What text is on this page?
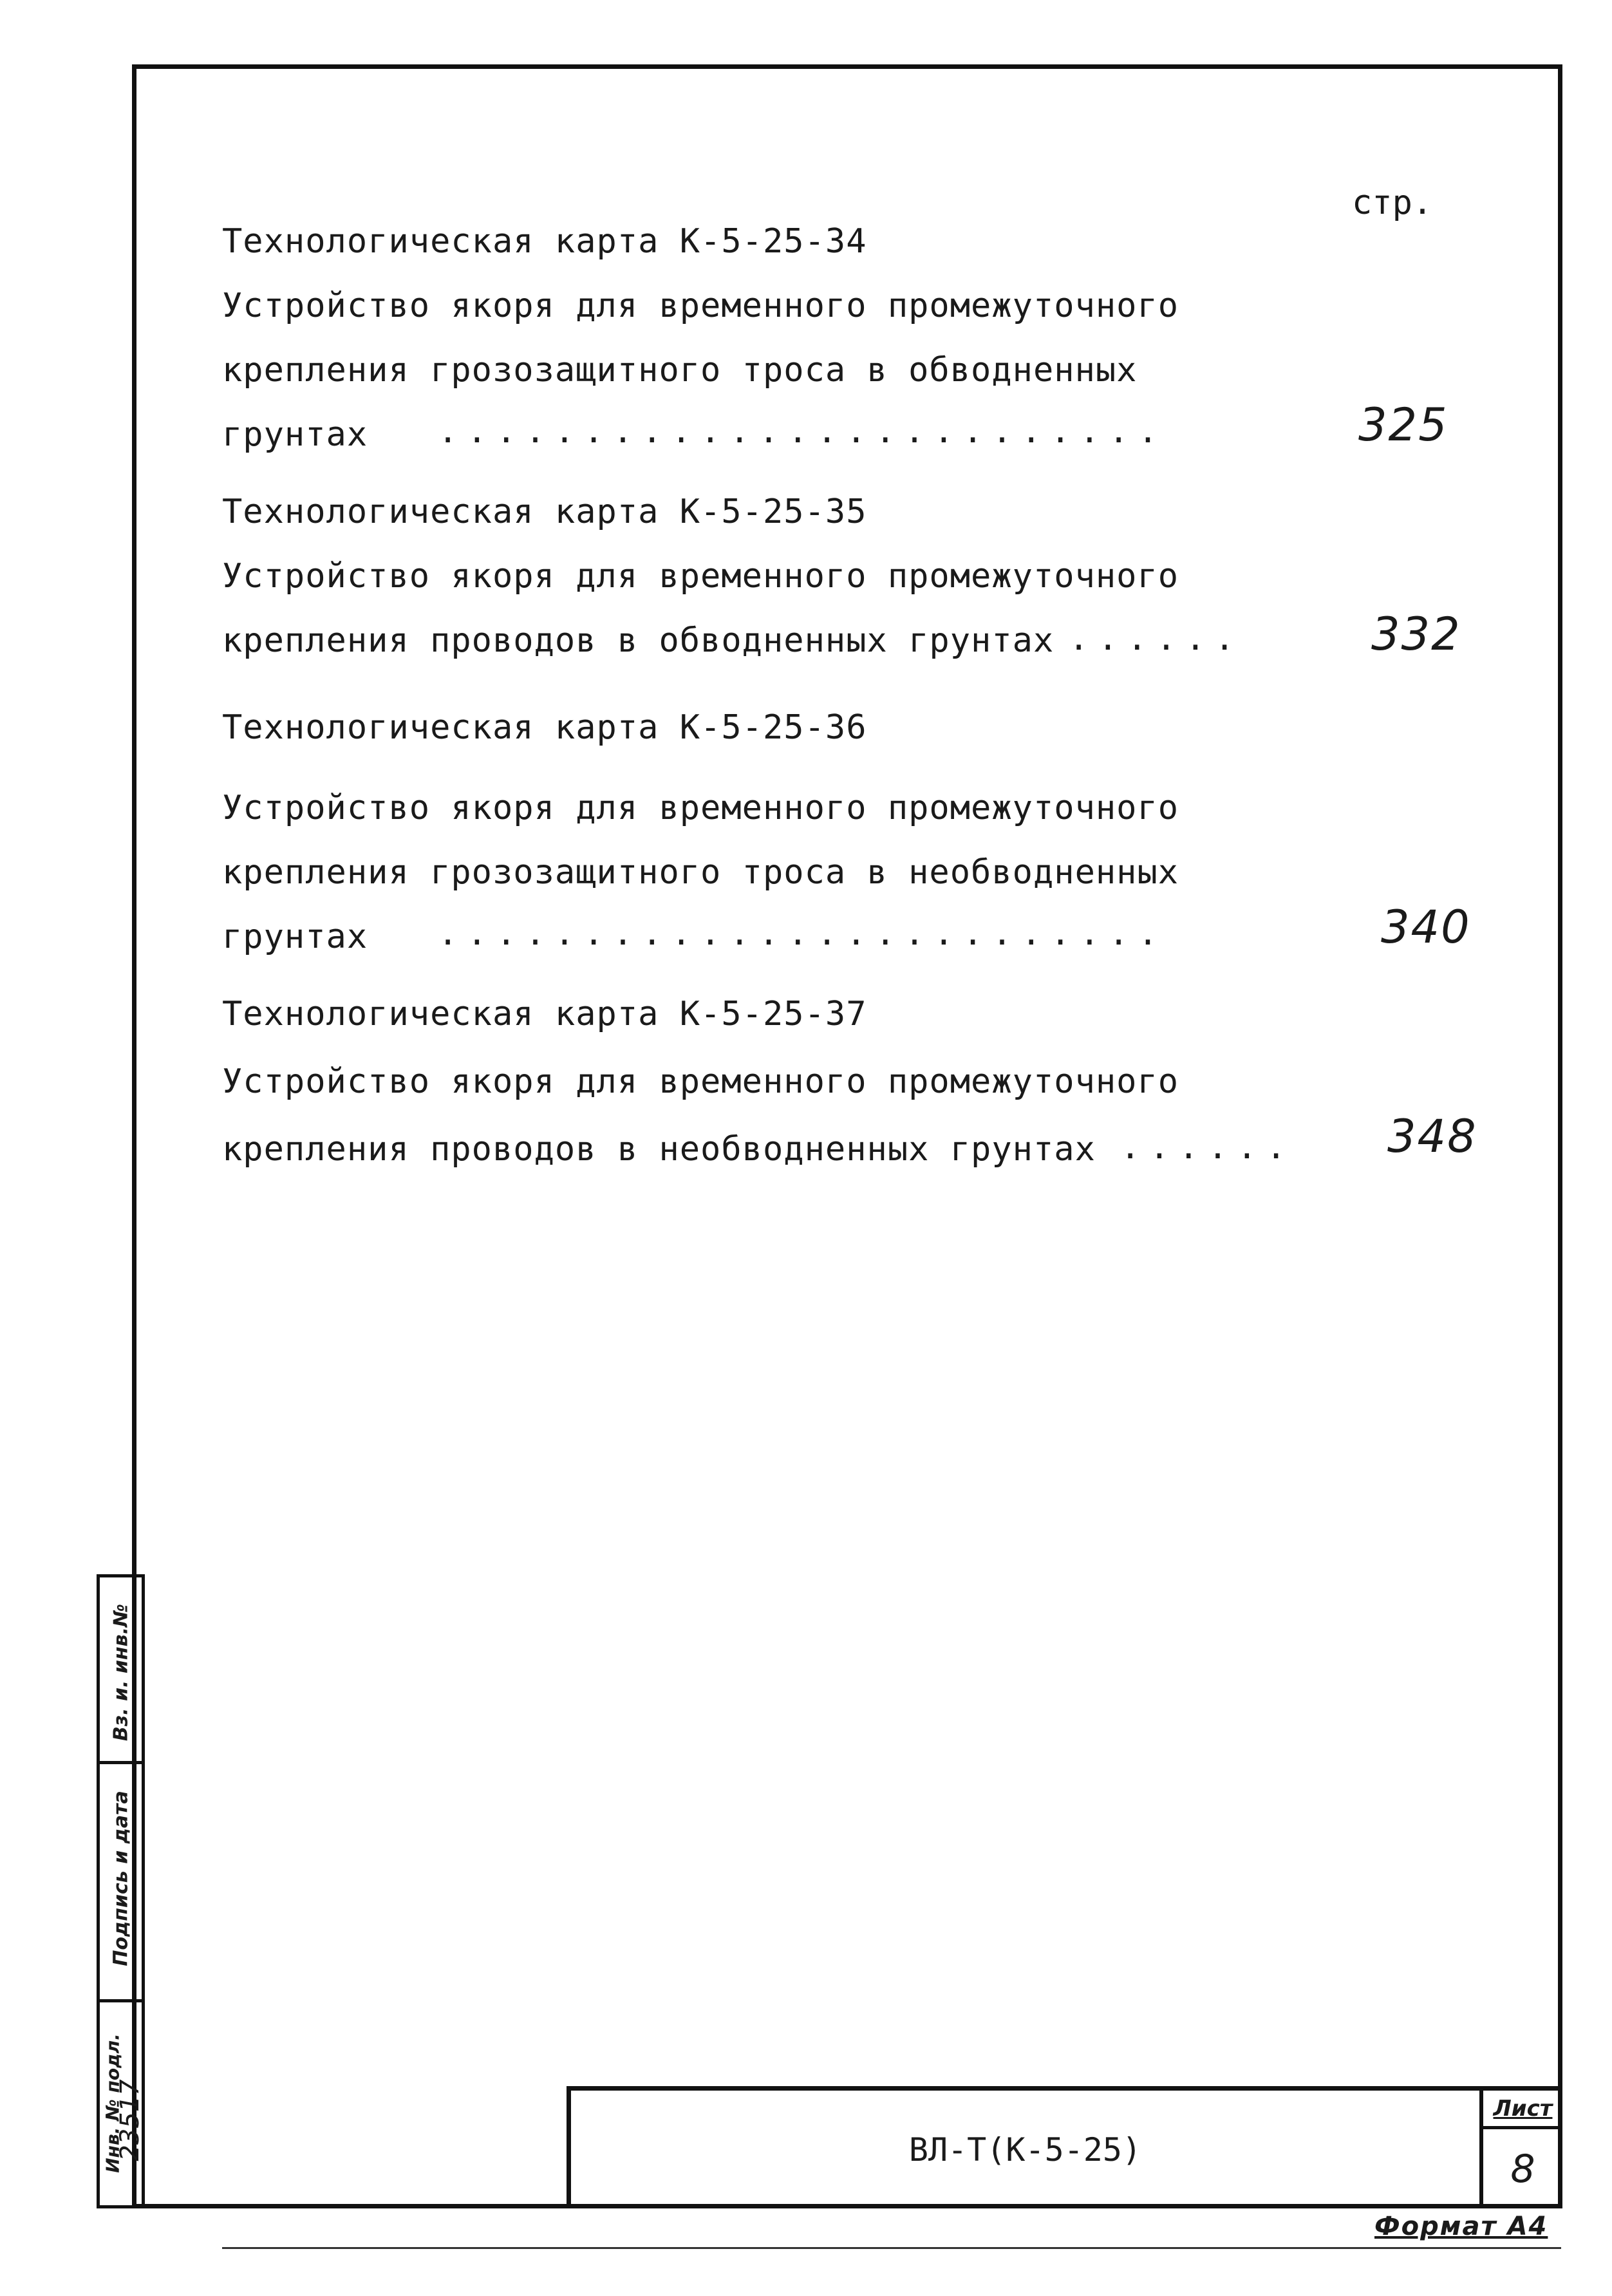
стр.
Технологичеcкая карта К-5-25-34
Устройство якоря для временного промежуточного
крепления грозозащитного троса в обводненных
грунтах .........................	325
Технологическая карта К-5-25-35
Устройство якоря для временного промежуточного
крепления проводов в обводненных грунтах ......	332
Технологическая карта К-5-25-36
Устройство якоря для временного промежуточного
крепления грозозащитного троса в необводненных
грунтах .........................	340
Технологическая карта К-5-25-37
Устройство якоря для временного промежуточного
крепления проводов в необводненных грунтах ...... 348
Вз. и. инв.№
Подпись и дата
Инв. № подл.
23517	ВЛ-Т(К-5-25)
Лист
8
Формат А4
